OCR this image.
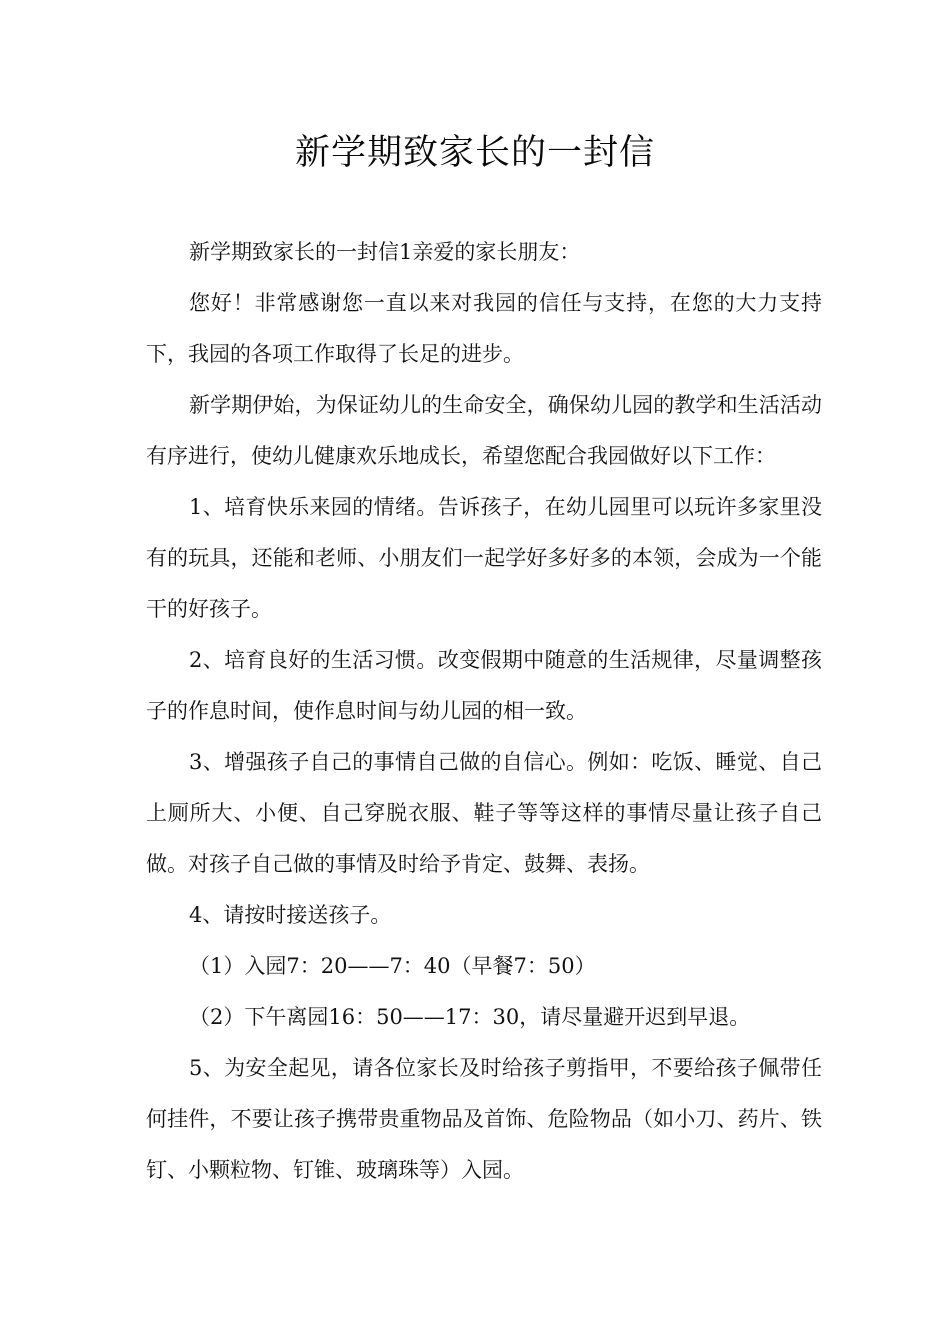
新学期致家长的一封信

新学期致家长的一封信1亲爱的家长朋友：

您好！非常感谢您一直以来对我园的信任与支持，在您的大力支持下，我园的各项工作取得了长足的进步。

新学期伊始，为保证幼儿的生命安全，确保幼儿园的教学和生活活动有序进行，使幼儿健康欢乐地成长，希望您配合我园做好以下工作：

1、培育快乐来园的情绪。告诉孩子，在幼儿园里可以玩许多家里没有的玩具，还能和老师、小朋友们一起学好多好多的本领，会成为一个能干的好孩子。

2、培育良好的生活习惯。改变假期中随意的生活规律，尽量调整孩子的作息时间，使作息时间与幼儿园的相一致。

3、增强孩子自己的事情自己做的自信心。例如：吃饭、睡觉、自己上厕所大、小便、自己穿脱衣服、鞋子等等这样的事情尽量让孩子自己做。对孩子自己做的事情及时给予肯定、鼓舞、表扬。

4、请按时接送孩子。

（1）入园7：20——7：40（早餐7：50）

（2）下午离园16：50——17：30，请尽量避开迟到早退。

5、为安全起见，请各位家长及时给孩子剪指甲，不要给孩子佩带任何挂件，不要让孩子携带贵重物品及首饰、危险物品（如小刀、药片、铁钉、小颗粒物、钉锥、玻璃珠等）入园。
